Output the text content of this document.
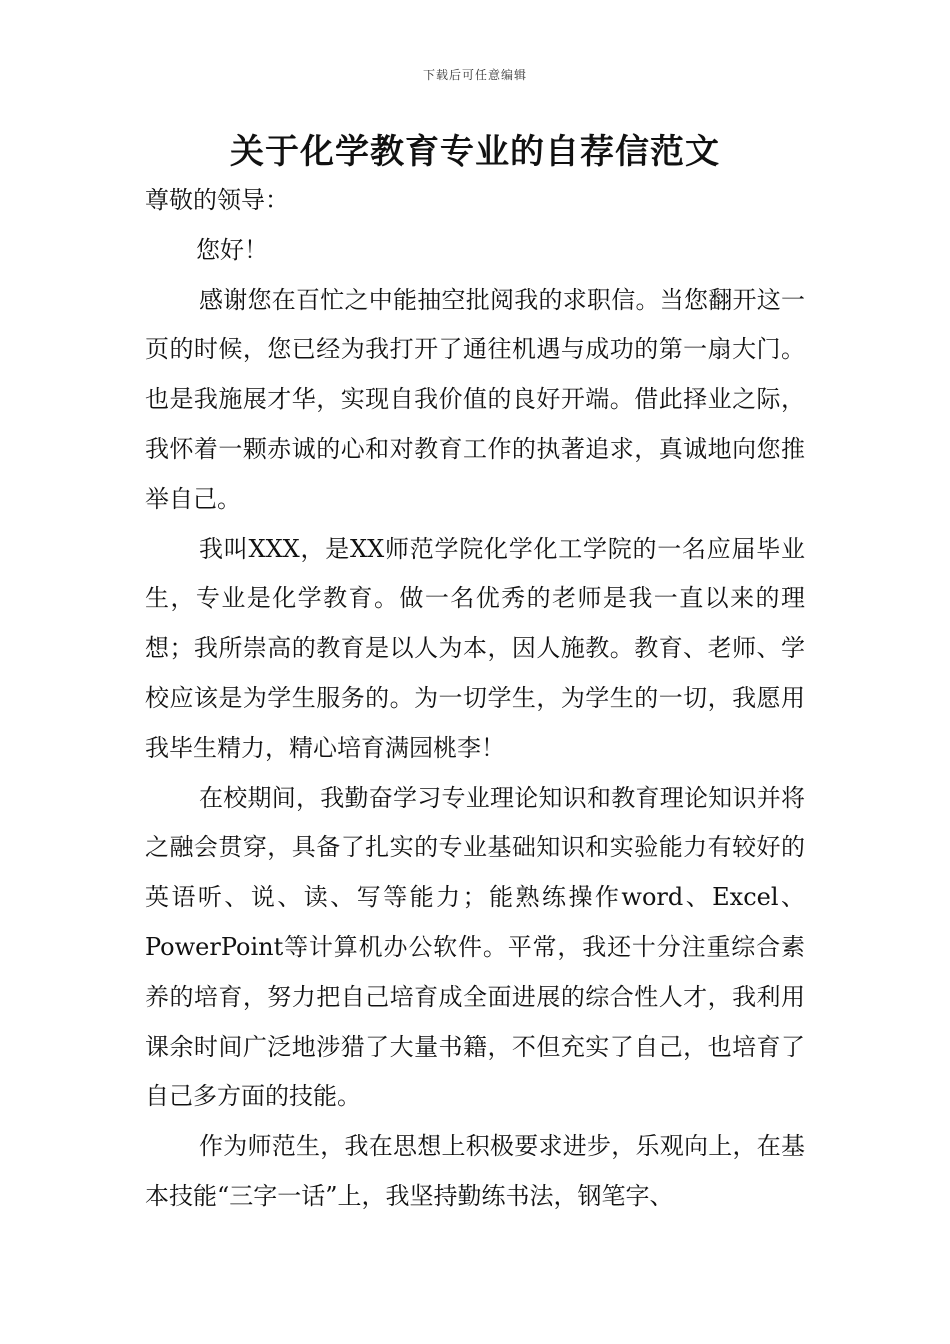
下载后可任意编辑
关于化学教育专业的自荐信范文

尊敬的领导：

您好！

感谢您在百忙之中能抽空批阅我的求职信。当您翻开这一页的时候，您已经为我打开了通往机遇与成功的第一扇大门。也是我施展才华，实现自我价值的良好开端。借此择业之际，我怀着一颗赤诚的心和对教育工作的执著追求，真诚地向您推举自己。

我叫XXX，是XX师范学院化学化工学院的一名应届毕业生，专业是化学教育。做一名优秀的老师是我一直以来的理想；我所崇高的教育是以人为本，因人施教。教育、老师、学校应该是为学生服务的。为一切学生，为学生的一切，我愿用我毕生精力，精心培育满园桃李！

在校期间，我勤奋学习专业理论知识和教育理论知识并将之融会贯穿，具备了扎实的专业基础知识和实验能力有较好的英语听、说、读、写等能力；能熟练操作word、Excel、PowerPoint等计算机办公软件。平常，我还十分注重综合素养的培育，努力把自己培育成全面进展的综合性人才，我利用课余时间广泛地涉猎了大量书籍，不但充实了自己，也培育了自己多方面的技能。

作为师范生，我在思想上积极要求进步，乐观向上，在基本技能“三字一话”上，我坚持勤练书法，钢笔字、
